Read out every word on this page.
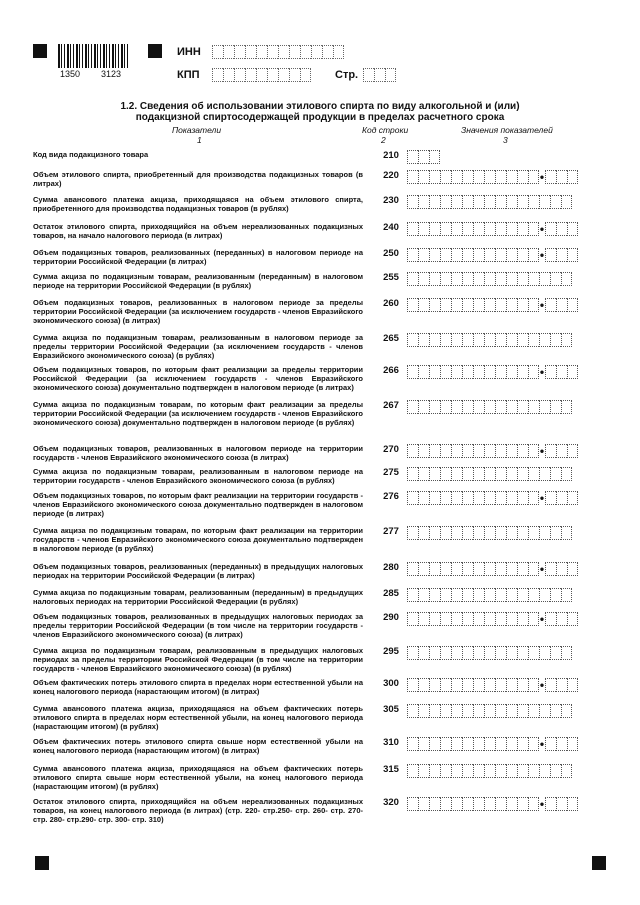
1350 3123
ИНН
КПП	Стр.
1.2. Сведения об использовании этилового спирта по виду алкогольной и (или)
подакцизной спиртосодержащей продукции в пределах расчетного срока
Показатели
1
Код строки
2
Значения показателей
3
Код вида подакцизного товара	210
Объем этилового спирта, приобретенный для производства подакцизных товаров (в литрах)
220	•
Сумма авансового платежа акциза, приходящаяся на объем этилового спирта, приобретенного для производства подакцизных товаров (в рублях)
230
Остаток этилового спирта, приходящийся на объем нереализованных подакцизных товаров, на начало налогового периода (в литрах)
240	•
Объем подакцизных товаров, реализованных (переданных) в налоговом периоде на территории Российской Федерации (в литрах)
250	•
Сумма акциза по подакцизным товарам, реализованным (переданным) в налоговом периоде на территории Российской Федерации (в рублях)
255
Объем подакцизных товаров, реализованных в налоговом периоде за пределы территории Российской Федерации (за исключением государств - членов Евразийского экономического союза) (в литрах)
260	•
Сумма акциза по подакцизным товарам, реализованным в налоговом периоде за пределы территории Российской Федерации (за исключением государств - членов Евразийского экономического союза) (в рублях)
265
Объем подакцизных товаров, по которым факт реализации за пределы территории Российской Федерации (за исключением государств - членов Евразийского экономического союза) документально подтвержден в налоговом периоде (в литрах)
266	•
Сумма акциза по подакцизным товарам, по которым факт реализации за пределы территории Российской Федерации (за исключением государств - членов Евразийского экономического союза) документально подтвержден в налоговом периоде (в рублях)
267
Объем подакцизных товаров, реализованных в налоговом периоде на территории государств - членов Евразийского экономического союза (в литрах)
270	•
Сумма акциза по подакцизным товарам, реализованным в налоговом периоде на территории государств - членов Евразийского экономического союза (в рублях)
275
Объем подакцизных товаров, по которым факт реализации на территории государств - членов Евразийского экономического союза документально подтвержден в налоговом периоде (в литрах)
276	•
Сумма акциза по подакцизным товарам, по которым факт реализации на территории государств - членов Евразийского экономического союза документально подтвержден в налоговом периоде (в рублях)
277
Объем подакцизных товаров, реализованных (переданных) в предыдущих налоговых периодах на территории Российской Федерации (в литрах)
280	•
Сумма акциза по подакцизным товарам, реализованным (переданным) в предыдущих налоговых периодах на территории Российской Федерации (в рублях)
285
Объем подакцизных товаров, реализованных в предыдущих налоговых периодах за пределы территории Российской Федерации (в том числе на территории государств - членов Евразийского экономического союза) (в литрах)
290	•
Сумма акциза по подакцизным товарам, реализованным в предыдущих налоговых периодах за пределы территории Российской Федерации (в том числе на территории государств - членов Евразийского экономического союза) (в рублях)
295
Объем фактических потерь этилового спирта в пределах норм естественной убыли на конец налогового периода (нарастающим итогом) (в литрах)
300	•
Сумма авансового платежа акциза, приходящаяся на объем фактических потерь этилового спирта в пределах норм естественной убыли, на конец налогового периода (нарастающим итогом) (в рублях)
305
Объем фактических потерь этилового спирта свыше норм естественной убыли на конец налогового периода (нарастающим итогом) (в литрах)
310	•
Сумма авансового платежа акциза, приходящаяся на объем фактических потерь этилового спирта свыше норм естественной убыли, на конец налогового периода (нарастающим итогом) (в рублях)
315
Остаток этилового спирта, приходящийся на объем нереализованных подакцизных товаров, на конец налогового периода (в литрах) (стр. 220- стр.250- стр. 260- стр. 270- стр. 280- стр.290- стр. 300- стр. 310)
320	•
